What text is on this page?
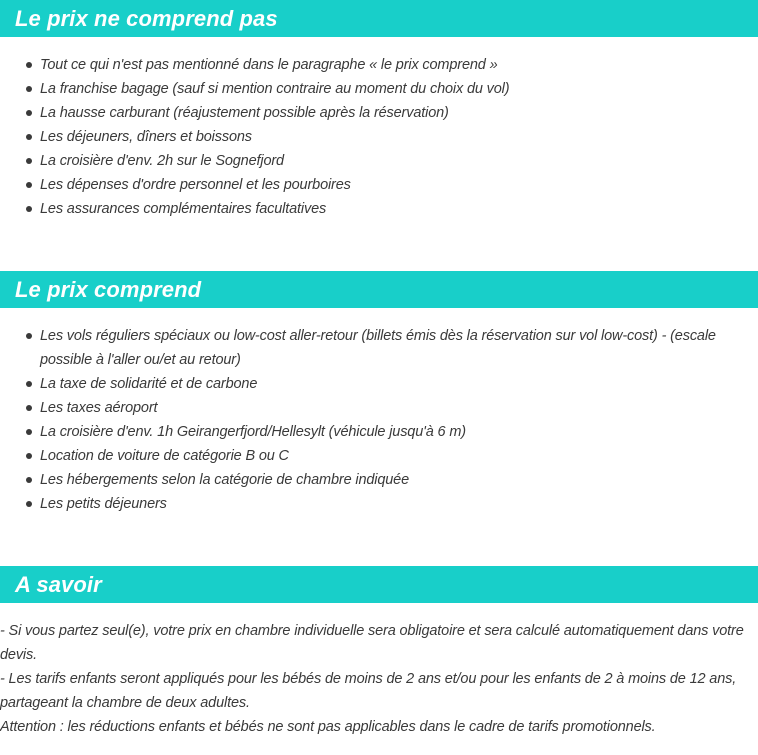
Le prix ne comprend pas
Tout ce qui n'est pas mentionné dans le paragraphe « le prix comprend »
La franchise bagage (sauf si mention contraire au moment du choix du vol)
La hausse carburant (réajustement possible après la réservation)
Les déjeuners, dîners et boissons
La croisière d'env. 2h sur le Sognefjord
Les dépenses d'ordre personnel et les pourboires
Les assurances complémentaires facultatives
Le prix comprend
Les vols réguliers spéciaux ou low-cost aller-retour (billets émis dès la réservation sur vol low-cost) - (escale possible à l'aller ou/et au retour)
La taxe de solidarité et de carbone
Les taxes aéroport
La croisière d'env. 1h Geirangerfjord/Hellesylt (véhicule jusqu'à 6 m)
Location de voiture de catégorie B ou C
Les hébergements selon la catégorie de chambre indiquée
Les petits déjeuners
A savoir

- Si vous partez seul(e), votre prix en chambre individuelle sera obligatoire et sera calculé automatiquement dans votre devis.

- Les tarifs enfants seront appliqués pour les bébés de moins de 2 ans et/ou pour les enfants de 2 à moins de 12 ans, partageant la chambre de deux adultes.

Attention : les réductions enfants et bébés ne sont pas applicables dans le cadre de tarifs promotionnels.
